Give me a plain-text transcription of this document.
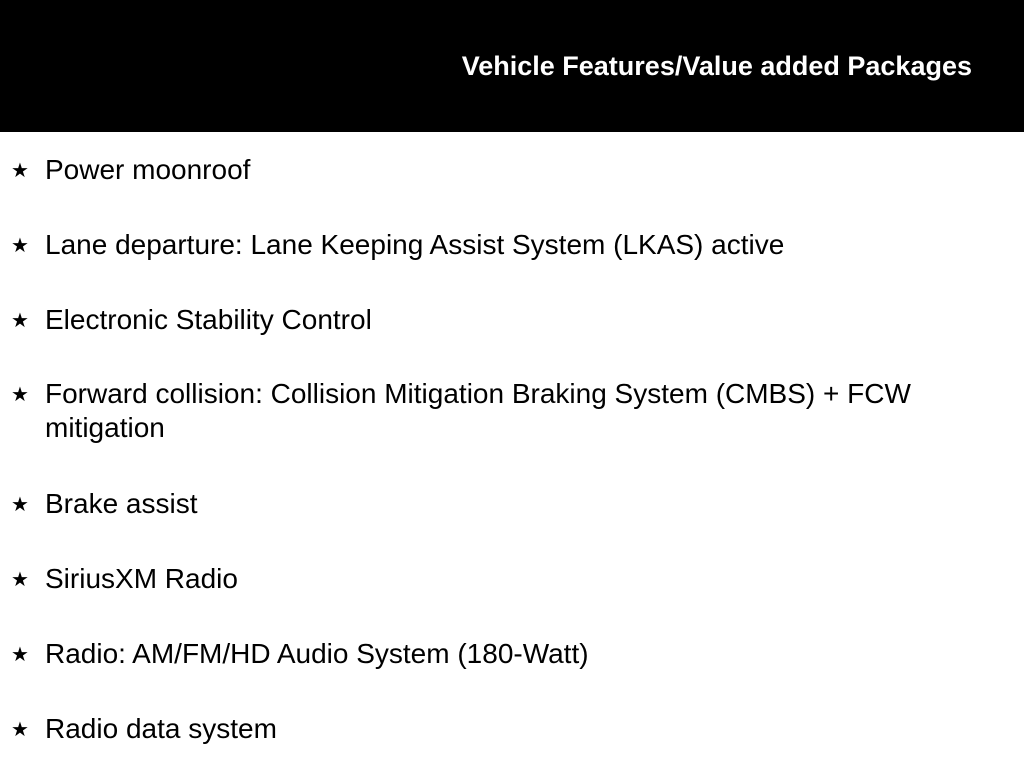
Vehicle Features/Value added Packages
★ Power moonroof
★ Lane departure: Lane Keeping Assist System (LKAS) active
★ Electronic Stability Control
★ Forward collision: Collision Mitigation Braking System (CMBS) + FCW mitigation
★ Brake assist
★ SiriusXM Radio
★ Radio: AM/FM/HD Audio System (180-Watt)
★ Radio data system
